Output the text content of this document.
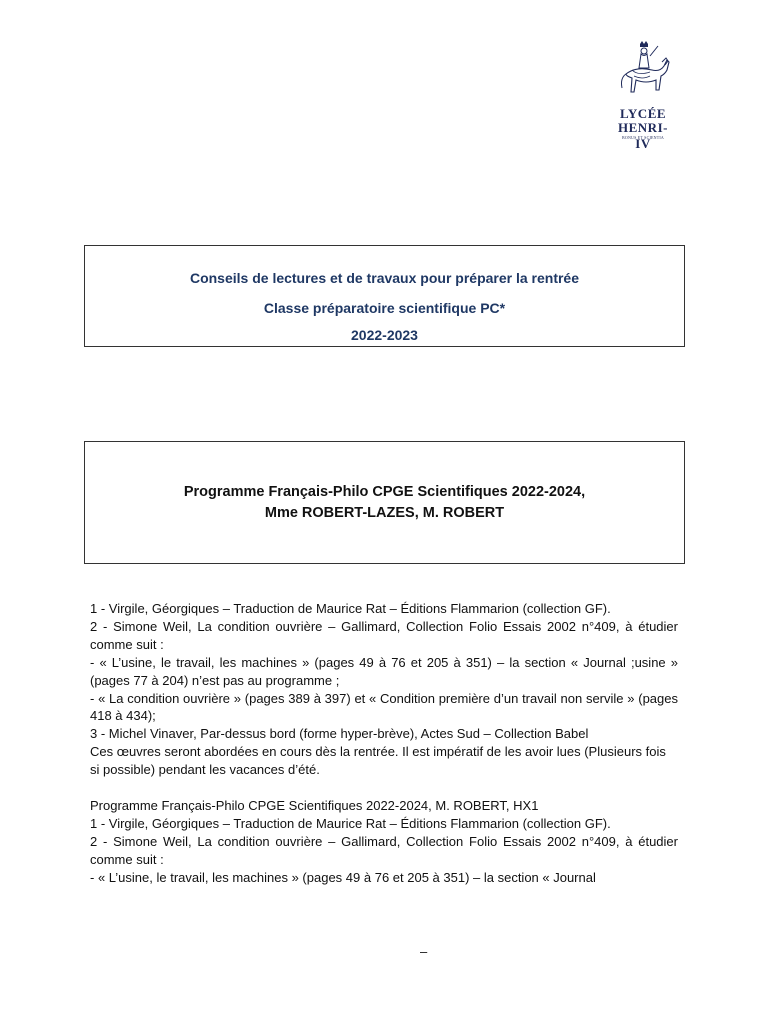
LYCÉE
HENRI-IV
BONUS ET SCIENTIA
Conseils de lectures et de travaux pour préparer la rentrée
Classe préparatoire scientifique PC*
2022-2023
Programme Français-Philo CPGE Scientifiques 2022-2024,
Mme ROBERT-LAZES, M. ROBERT

1 - Virgile, Géorgiques – Traduction de Maurice Rat – Éditions Flammarion (collection GF).

2 - Simone Weil, La condition ouvrière – Gallimard, Collection Folio Essais 2002 n°409, à étudier comme suit :

- « L’usine, le travail, les machines » (pages 49 à 76 et 205 à 351) – la section « Journal ;usine » (pages 77 à 204) n’est pas au programme ;

- « La condition ouvrière » (pages 389 à 397) et « Condition première d’un travail non servile » (pages 418 à 434);

3 - Michel Vinaver, Par-dessus bord (forme hyper-brève), Actes Sud – Collection Babel

Ces œuvres seront abordées en cours dès la rentrée. Il est impératif de les avoir lues (Plusieurs fois si possible) pendant les vacances d’été.

Programme Français-Philo CPGE Scientifiques 2022-2024, M. ROBERT, HX1

1 - Virgile, Géorgiques – Traduction de Maurice Rat – Éditions Flammarion (collection GF).

2 - Simone Weil, La condition ouvrière – Gallimard, Collection Folio Essais 2002 n°409, à étudier comme suit :

- « L’usine, le travail, les machines » (pages 49 à 76 et 205 à 351) – la section « Journal

–
